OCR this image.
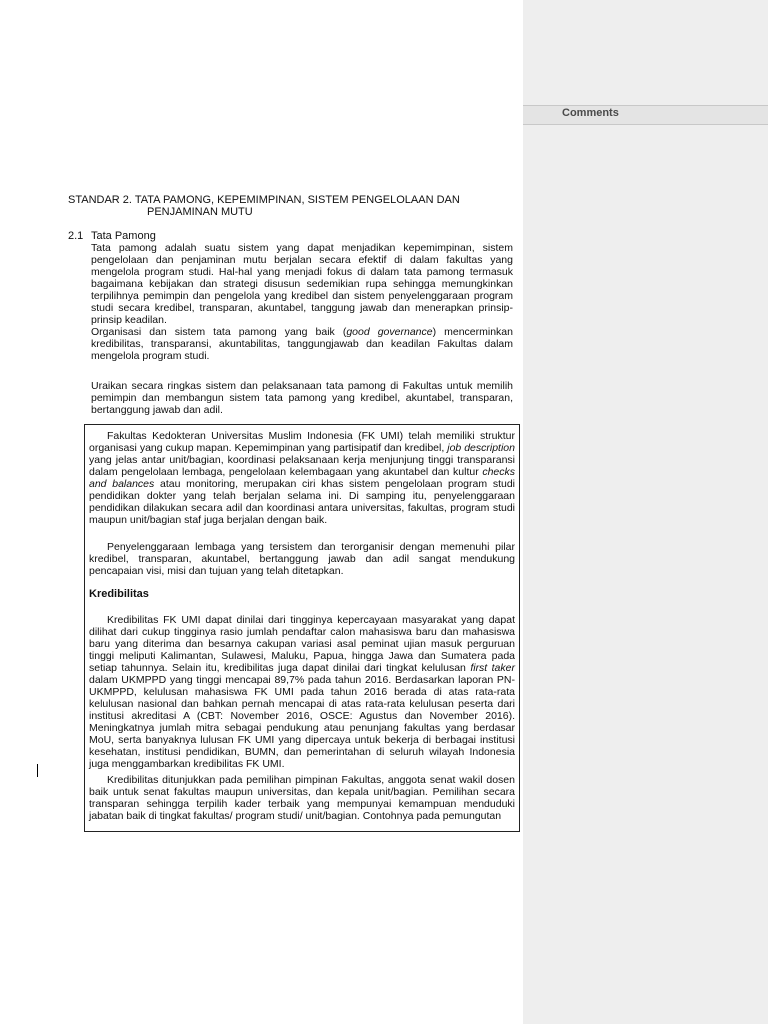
STANDAR 2. TATA PAMONG, KEPEMIMPINAN, SISTEM PENGELOLAAN DAN
PENJAMINAN MUTU
2.1 Tata Pamong

Tata pamong adalah suatu sistem yang dapat menjadikan kepemimpinan, sistem pengelolaan dan penjaminan mutu berjalan secara efektif di dalam fakultas yang mengelola program studi. Hal-hal yang menjadi fokus di dalam tata pamong termasuk bagaimana kebijakan dan strategi disusun sedemikian rupa sehingga memungkinkan terpilihnya pemimpin dan pengelola yang kredibel dan sistem penyelenggaraan program studi secara kredibel, transparan, akuntabel, tanggung jawab dan menerapkan prinsip-prinsip keadilan.

Organisasi dan sistem tata pamong yang baik (good governance) mencerminkan kredibilitas, transparansi, akuntabilitas, tanggungjawab dan keadilan Fakultas dalam mengelola program studi.

Uraikan secara ringkas sistem dan pelaksanaan tata pamong di Fakultas untuk memilih pemimpin dan membangun sistem tata pamong yang kredibel, akuntabel, transparan, bertanggung jawab dan adil.

Fakultas Kedokteran Universitas Muslim Indonesia (FK UMI) telah memiliki struktur organisasi yang cukup mapan. Kepemimpinan yang partisipatif dan kredibel, job description yang jelas antar unit/bagian, koordinasi pelaksanaan kerja menjunjung tinggi transparansi dalam pengelolaan lembaga, pengelolaan kelembagaan yang akuntabel dan kultur checks and balances atau monitoring, merupakan ciri khas sistem pengelolaan program studi pendidikan dokter yang telah berjalan selama ini. Di samping itu, penyelenggaraan pendidikan dilakukan secara adil dan koordinasi antara universitas, fakultas, program studi maupun unit/bagian staf juga berjalan dengan baik.

Penyelenggaraan lembaga yang tersistem dan terorganisir dengan memenuhi pilar kredibel, transparan, akuntabel, bertanggung jawab dan adil sangat mendukung pencapaian visi, misi dan tujuan yang telah ditetapkan.

Kredibilitas

Kredibilitas FK UMI dapat dinilai dari tingginya kepercayaan masyarakat yang dapat dilihat dari cukup tingginya rasio jumlah pendaftar calon mahasiswa baru dan mahasiswa baru yang diterima dan besarnya cakupan variasi asal peminat ujian masuk perguruan tinggi meliputi Kalimantan, Sulawesi, Maluku, Papua, hingga Jawa dan Sumatera pada setiap tahunnya. Selain itu, kredibilitas juga dapat dinilai dari tingkat kelulusan first taker dalam UKMPPD yang tinggi mencapai 89,7% pada tahun 2016. Berdasarkan laporan PN-UKMPPD, kelulusan mahasiswa FK UMI pada tahun 2016 berada di atas rata-rata kelulusan nasional dan bahkan pernah mencapai di atas rata-rata kelulusan peserta dari institusi akreditasi A (CBT: November 2016, OSCE: Agustus dan November 2016). Meningkatnya jumlah mitra sebagai pendukung atau penunjang fakultas yang berdasar MoU, serta banyaknya lulusan FK UMI yang dipercaya untuk bekerja di berbagai institusi kesehatan, institusi pendidikan, BUMN, dan pemerintahan di seluruh wilayah Indonesia juga menggambarkan kredibilitas FK UMI.

Kredibilitas ditunjukkan pada pemilihan pimpinan Fakultas, anggota senat wakil dosen baik untuk senat fakultas maupun universitas, dan kepala unit/bagian. Pemilihan secara transparan sehingga terpilih kader terbaik yang mempunyai kemampuan menduduki jabatan baik di tingkat fakultas/ program studi/ unit/bagian. Contohnya pada pemungutan

Comments
